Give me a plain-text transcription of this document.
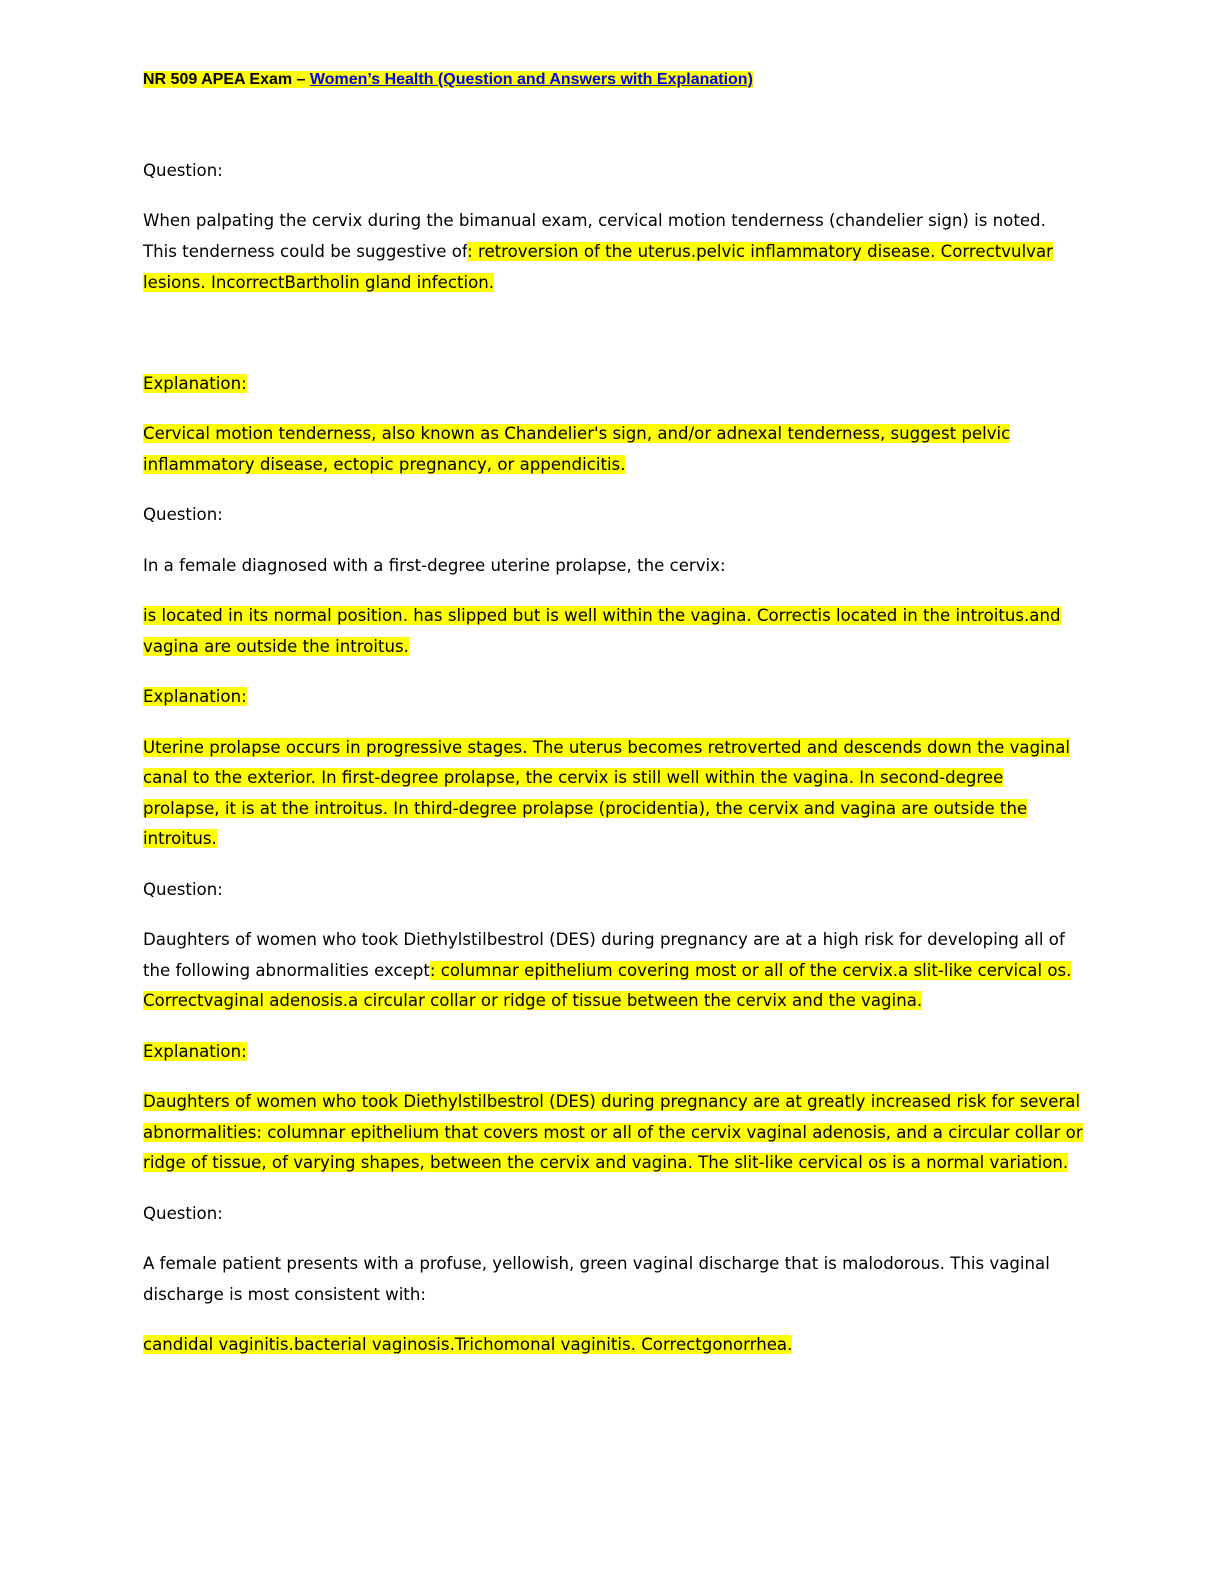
NR 509 APEA Exam – Women’s Health (Question and Answers with Explanation)

Question:

When palpating the cervix during the bimanual exam, cervical motion tenderness (chandelier sign) is noted. This tenderness could be suggestive of: retroversion of the uterus.pelvic inflammatory disease. Correctvulvar lesions. IncorrectBartholin gland infection.

Explanation:

Cervical motion tenderness, also known as Chandelier's sign, and/or adnexal tenderness, suggest pelvic inflammatory disease, ectopic pregnancy, or appendicitis.

Question:

In a female diagnosed with a first-degree uterine prolapse, the cervix:

is located in its normal position. has slipped but is well within the vagina. Correctis located in the introitus.and vagina are outside the introitus.

Explanation:

Uterine prolapse occurs in progressive stages. The uterus becomes retroverted and descends down the vaginal canal to the exterior. In first-degree prolapse, the cervix is still well within the vagina. In second-degree prolapse, it is at the introitus. In third-degree prolapse (procidentia), the cervix and vagina are outside the introitus.

Question:

Daughters of women who took Diethylstilbestrol (DES) during pregnancy are at a high risk for developing all of the following abnormalities except: columnar epithelium covering most or all of the cervix.a slit-like cervical os. Correctvaginal adenosis.a circular collar or ridge of tissue between the cervix and the vagina.

Explanation:

Daughters of women who took Diethylstilbestrol (DES) during pregnancy are at greatly increased risk for several abnormalities: columnar epithelium that covers most or all of the cervix vaginal adenosis, and a circular collar or ridge of tissue, of varying shapes, between the cervix and vagina. The slit-like cervical os is a normal variation.

Question:

A female patient presents with a profuse, yellowish, green vaginal discharge that is malodorous. This vaginal discharge is most consistent with:

candidal vaginitis.bacterial vaginosis.Trichomonal vaginitis. Correctgonorrhea.
